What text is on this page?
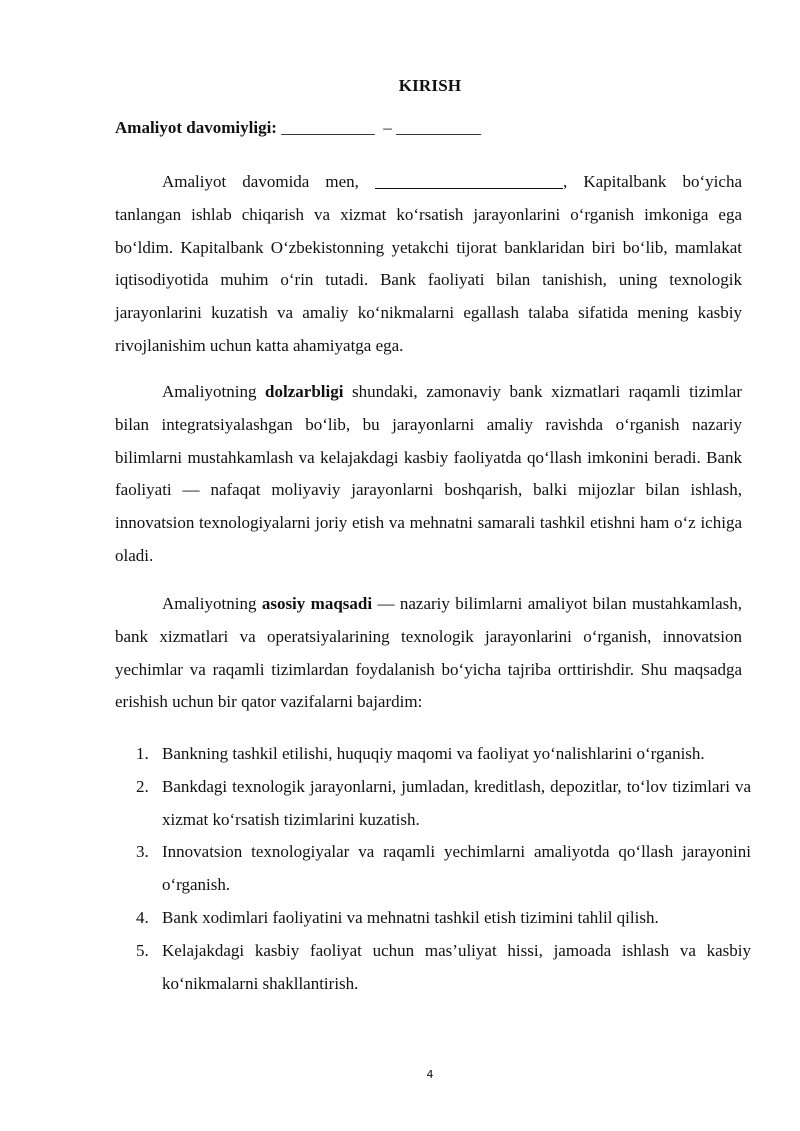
KIRISH
Amaliyot davomiyligi: ___________  – __________

Amaliyot davomida men,	, Kapitalbank bo‘yicha tanlangan ishlab chiqarish va xizmat ko‘rsatish jarayonlarini o‘rganish imkoniga ega bo‘ldim. Kapitalbank O‘zbekistonning yetakchi tijorat banklaridan biri bo‘lib, mamlakat iqtisodiyotida muhim o‘rin tutadi. Bank faoliyati bilan tanishish, uning texnologik jarayonlarini kuzatish va amaliy ko‘nikmalarni egallash talaba sifatida mening kasbiy rivojlanishim uchun katta ahamiyatga ega.

Amaliyotning dolzarbligi shundaki, zamonaviy bank xizmatlari raqamli tizimlar bilan integratsiyalashgan bo‘lib, bu jarayonlarni amaliy ravishda o‘rganish nazariy bilimlarni mustahkamlash va kelajakdagi kasbiy faoliyatda qo‘llash imkonini beradi. Bank faoliyati — nafaqat moliyaviy jarayonlarni boshqarish, balki mijozlar bilan ishlash, innovatsion texnologiyalarni joriy etish va mehnatni samarali tashkil etishni ham o‘z ichiga oladi.

Amaliyotning asosiy maqsadi — nazariy bilimlarni amaliyot bilan mustahkamlash, bank xizmatlari va operatsiyalarining texnologik jarayonlarini o‘rganish, innovatsion yechimlar va raqamli tizimlardan foydalanish bo‘yicha tajriba orttirishdir. Shu maqsadga erishish uchun bir qator vazifalarni bajardim:

1. Bankning tashkil etilishi, huquqiy maqomi va faoliyat yo‘nalishlarini o‘rganish.
2. Bankdagi texnologik jarayonlarni, jumladan, kreditlash, depozitlar, to‘lov tizimlari va xizmat ko‘rsatish tizimlarini kuzatish.
3. Innovatsion texnologiyalar va raqamli yechimlarni amaliyotda qo‘llash jarayonini o‘rganish.
4. Bank xodimlari faoliyatini va mehnatni tashkil etish tizimini tahlil qilish.
5. Kelajakdagi kasbiy faoliyat uchun mas’uliyat hissi, jamoada ishlash va kasbiy ko‘nikmalarni shakllantirish.
4
